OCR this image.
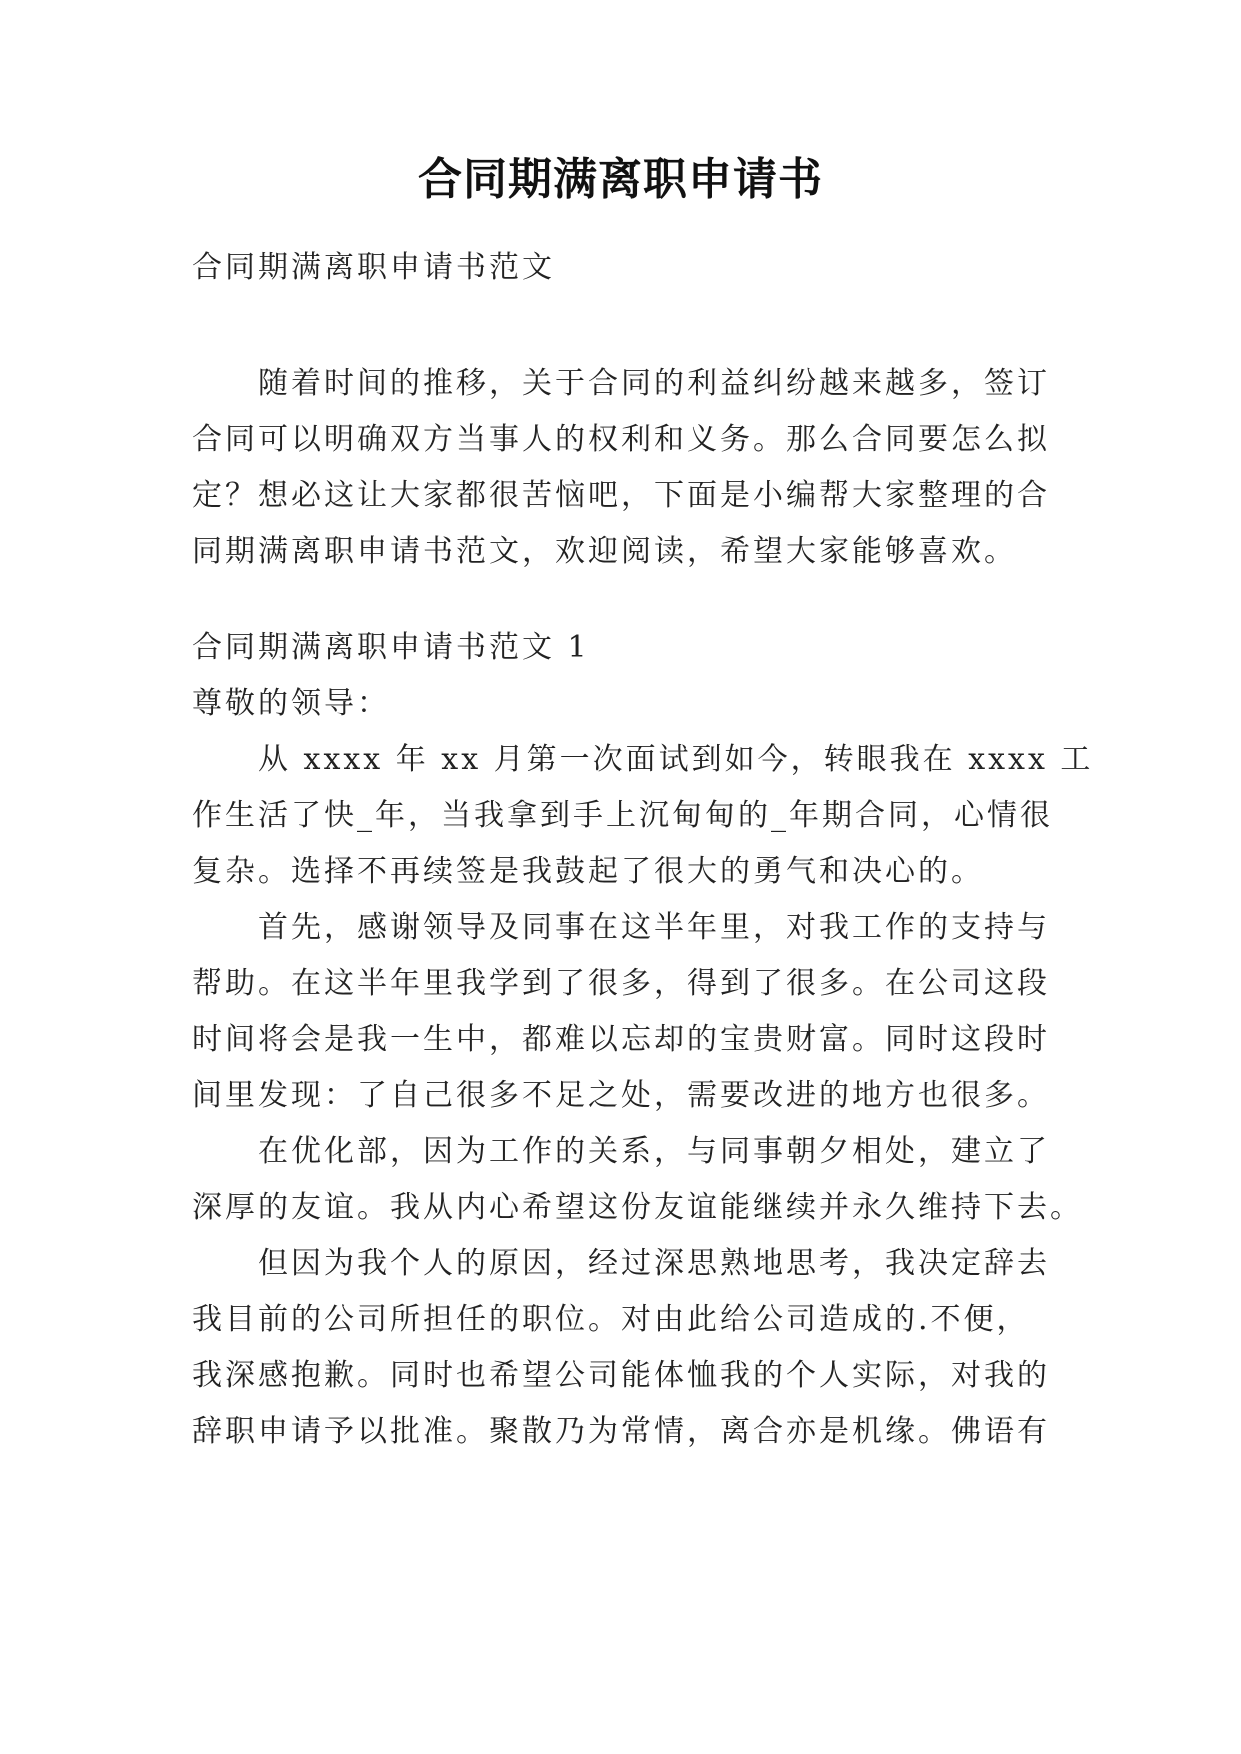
合同期满离职申请书
合同期满离职申请书范文
随着时间的推移，关于合同的利益纠纷越来越多，签订
合同可以明确双方当事人的权利和义务。那么合同要怎么拟
定？想必这让大家都很苦恼吧，下面是小编帮大家整理的合
同期满离职申请书范文，欢迎阅读，希望大家能够喜欢。
合同期满离职申请书范文 1
尊敬的领导：
从 xxxx 年 xx 月第一次面试到如今，转眼我在 xxxx 工
作生活了快_年，当我拿到手上沉甸甸的_年期合同，心情很
复杂。选择不再续签是我鼓起了很大的勇气和决心的。
首先，感谢领导及同事在这半年里，对我工作的支持与
帮助。在这半年里我学到了很多，得到了很多。在公司这段
时间将会是我一生中，都难以忘却的宝贵财富。同时这段时
间里发现：了自己很多不足之处，需要改进的地方也很多。
在优化部，因为工作的关系，与同事朝夕相处，建立了
深厚的友谊。我从内心希望这份友谊能继续并永久维持下去。
但因为我个人的原因，经过深思熟地思考，我决定辞去
我目前的公司所担任的职位。对由此给公司造成的.不便，
我深感抱歉。同时也希望公司能体恤我的个人实际，对我的
辞职申请予以批准。聚散乃为常情，离合亦是机缘。佛语有
